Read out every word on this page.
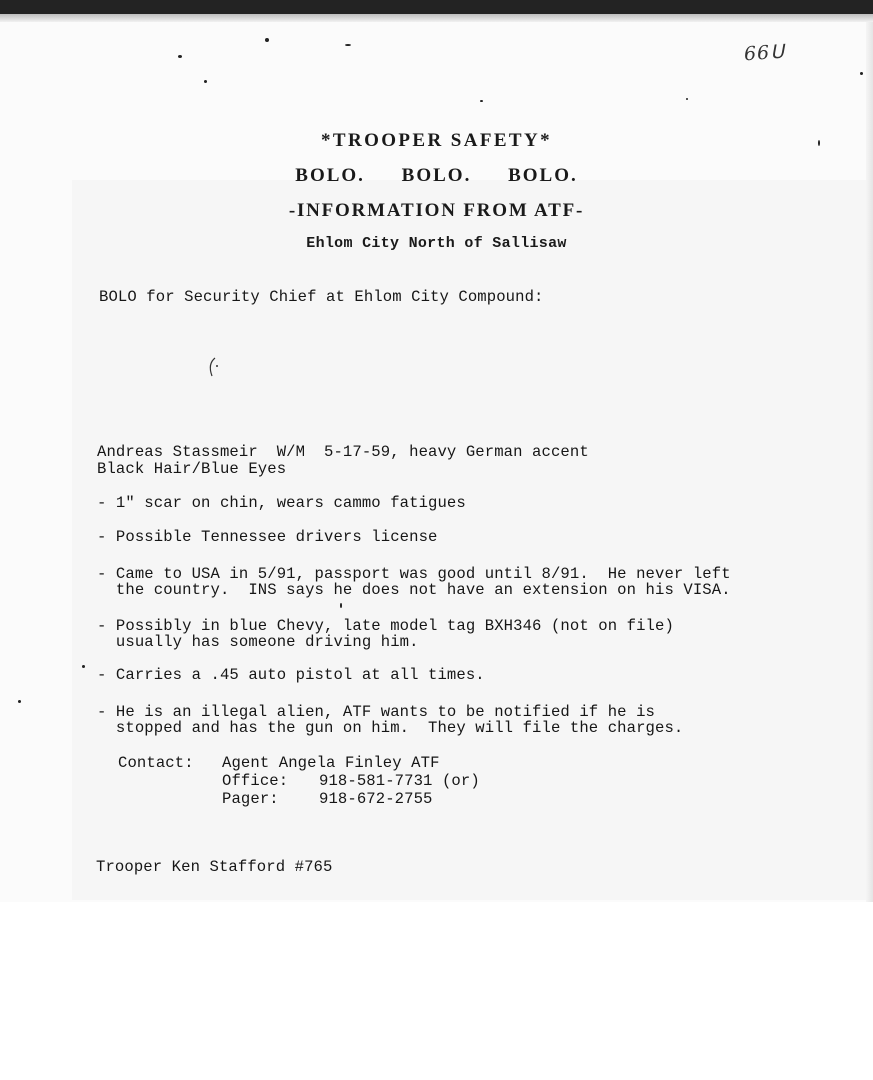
66ᑌ
*TROOPER SAFETY*
BOLO. BOLO. BOLO.
-INFORMATION FROM ATF-
Ehlom City North of Sallisaw
BOLO for Security Chief at Ehlom City Compound:
Andreas Stassmeir  W/M  5-17-59, heavy German accent
Black Hair/Blue Eyes
- 1" scar on chin, wears cammo fatigues
- Possible Tennessee drivers license
- Came to USA in 5/91, passport was good until 8/91.  He never left
the country.  INS says he does not have an extension on his VISA.
- Possibly in blue Chevy, late model tag BXH346 (not on file)
usually has someone driving him.
- Carries a .45 auto pistol at all times.
- He is an illegal alien, ATF wants to be notified if he is
stopped and has the gun on him.  They will file the charges.
Contact: Agent Angela Finley ATF
Office: 918-581-7731 (or)
Pager:	918-672-2755
Trooper Ken Stafford #765
